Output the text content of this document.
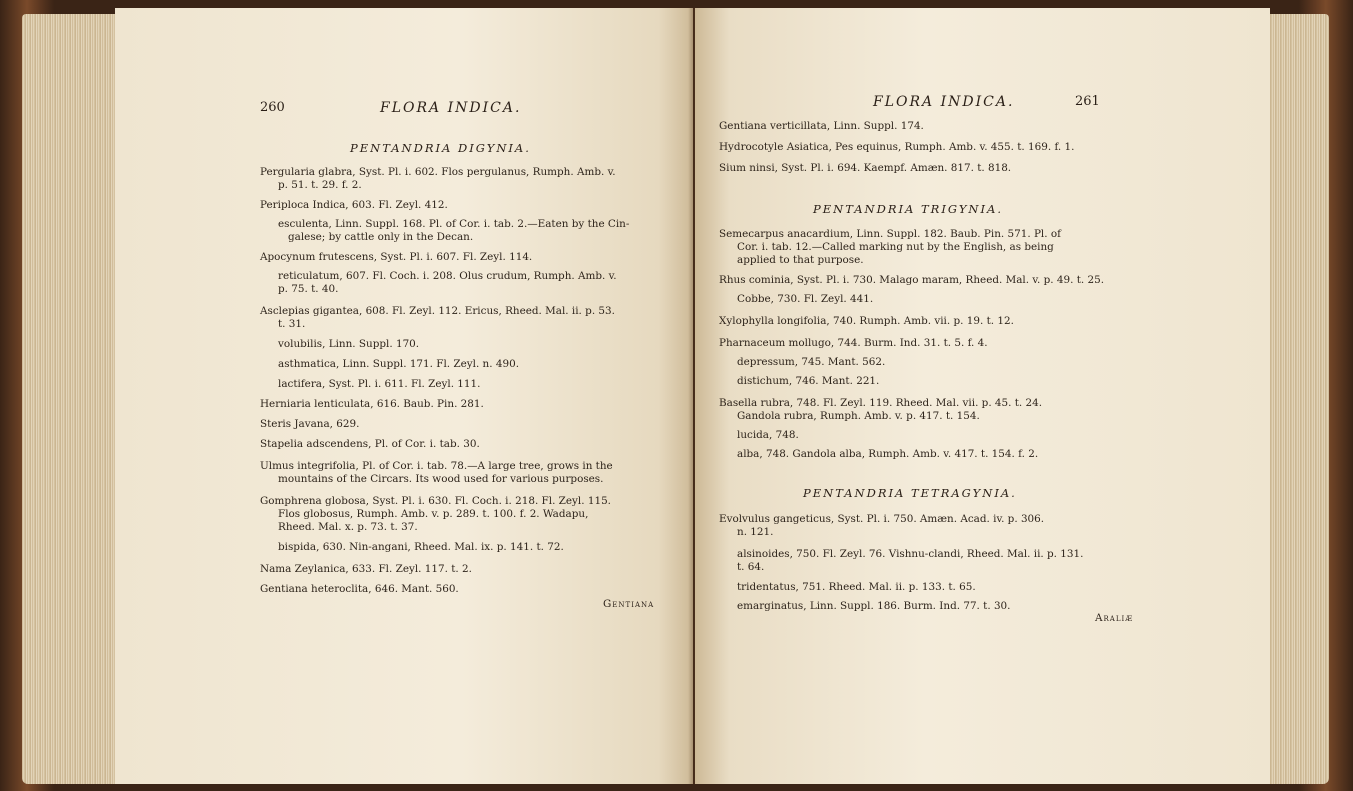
260	FLORA INDICA.
PENTANDRIA DIGYNIA.
Pergularia glabra, Syst. Pl. i. 602. Flos pergulanus, Rumph. Amb. v.
p. 51. t. 29. f. 2.
Periploca Indica, 603. Fl. Zeyl. 412.
esculenta, Linn. Suppl. 168. Pl. of Cor. i. tab. 2.—Eaten by the Cin-
galese; by cattle only in the Decan.
Apocynum frutescens, Syst. Pl. i. 607. Fl. Zeyl. 114.
reticulatum, 607. Fl. Coch. i. 208. Olus crudum, Rumph. Amb. v.
p. 75. t. 40.
Asclepias gigantea, 608. Fl. Zeyl. 112. Ericus, Rheed. Mal. ii. p. 53.
t. 31.
volubilis, Linn. Suppl. 170.
asthmatica, Linn. Suppl. 171. Fl. Zeyl. n. 490.
lactifera, Syst. Pl. i. 611. Fl. Zeyl. 111.
Herniaria lenticulata, 616. Baub. Pin. 281.
Steris Javana, 629.
Stapelia adscendens, Pl. of Cor. i. tab. 30.
Ulmus integrifolia, Pl. of Cor. i. tab. 78.—A large tree, grows in the
mountains of the Circars. Its wood used for various purposes.
Gomphrena globosa, Syst. Pl. i. 630. Fl. Coch. i. 218. Fl. Zeyl. 115.
Flos globosus, Rumph. Amb. v. p. 289. t. 100. f. 2. Wadapu,
Rheed. Mal. x. p. 73. t. 37.
bispida, 630. Nin-angani, Rheed. Mal. ix. p. 141. t. 72.
Nama Zeylanica, 633. Fl. Zeyl. 117. t. 2.
Gentiana heteroclita, 646. Mant. 560.
Gentiana
FLORA INDICA.	261
Gentiana verticillata, Linn. Suppl. 174.
Hydrocotyle Asiatica, Pes equinus, Rumph. Amb. v. 455. t. 169. f. 1.
Sium ninsi, Syst. Pl. i. 694. Kaempf. Amæn. 817. t. 818.
PENTANDRIA TRIGYNIA.
Semecarpus anacardium, Linn. Suppl. 182. Baub. Pin. 571. Pl. of
Cor. i. tab. 12.—Called marking nut by the English, as being
applied to that purpose.
Rhus cominia, Syst. Pl. i. 730. Malago maram, Rheed. Mal. v. p. 49. t. 25.
Cobbe, 730. Fl. Zeyl. 441.
Xylophylla longifolia, 740. Rumph. Amb. vii. p. 19. t. 12.
Pharnaceum mollugo, 744. Burm. Ind. 31. t. 5. f. 4.
depressum, 745. Mant. 562.
distichum, 746. Mant. 221.
Basella rubra, 748. Fl. Zeyl. 119. Rheed. Mal. vii. p. 45. t. 24.
Gandola rubra, Rumph. Amb. v. p. 417. t. 154.
lucida, 748.
alba, 748. Gandola alba, Rumph. Amb. v. 417. t. 154. f. 2.
PENTANDRIA TETRAGYNIA.
Evolvulus gangeticus, Syst. Pl. i. 750. Amæn. Acad. iv. p. 306.
n. 121.
alsinoides, 750. Fl. Zeyl. 76. Vishnu-clandi, Rheed. Mal. ii. p. 131.
t. 64.
tridentatus, 751. Rheed. Mal. ii. p. 133. t. 65.
emarginatus, Linn. Suppl. 186. Burm. Ind. 77. t. 30.
Araliæ
